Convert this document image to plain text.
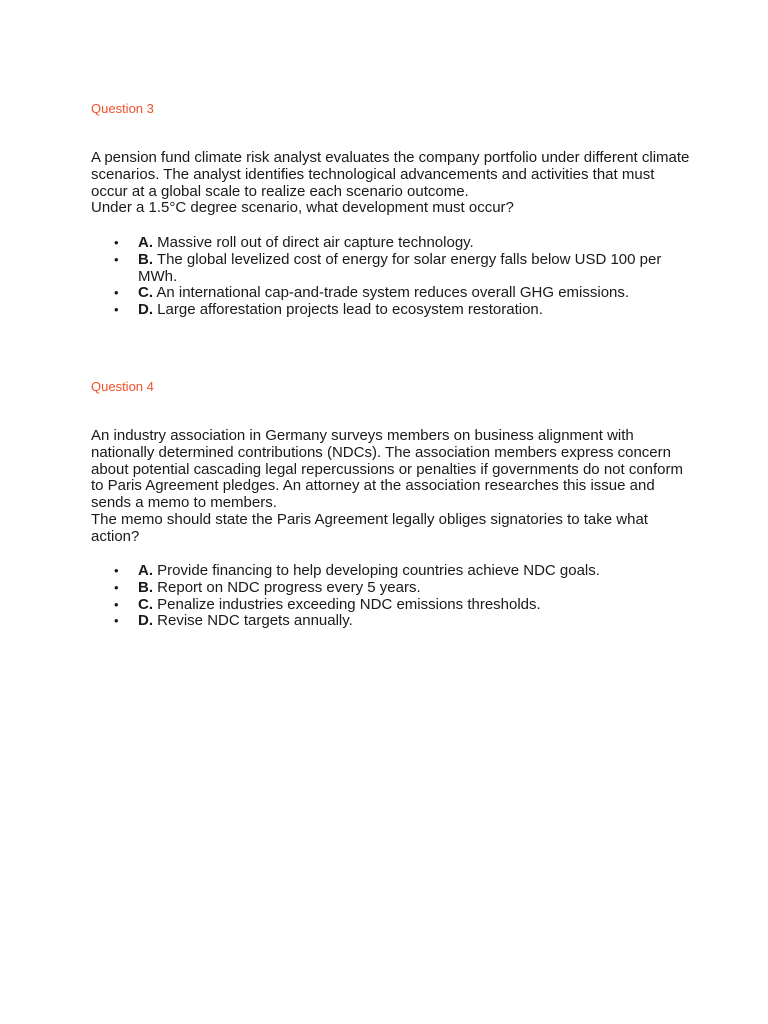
Question 3

A pension fund climate risk analyst evaluates the company portfolio under different climate scenarios. The analyst identifies technological advancements and activities that must occur at a global scale to realize each scenario outcome.

Under a 1.5°C degree scenario, what development must occur?

• A. Massive roll out of direct air capture technology.
• B. The global levelized cost of energy for solar energy falls below USD 100 per MWh.
• C. An international cap-and-trade system reduces overall GHG emissions.
• D. Large afforestation projects lead to ecosystem restoration.

Question 4

An industry association in Germany surveys members on business alignment with nationally determined contributions (NDCs). The association members express concern about potential cascading legal repercussions or penalties if governments do not conform to Paris Agreement pledges. An attorney at the association researches this issue and sends a memo to members.

The memo should state the Paris Agreement legally obliges signatories to take what action?

• A. Provide financing to help developing countries achieve NDC goals.
• B. Report on NDC progress every 5 years.
• C. Penalize industries exceeding NDC emissions thresholds.
• D. Revise NDC targets annually.
